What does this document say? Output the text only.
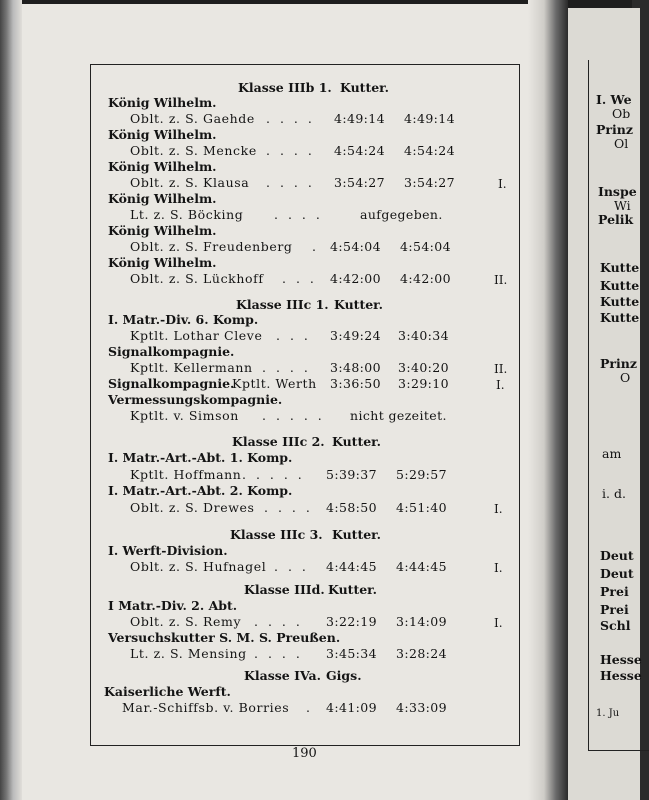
Klasse IIIb 1. Kutter.
König Wilhelm.
Oblt. z. S. Gaehde . . . . 4:49:14 4:49:14
König Wilhelm.
Oblt. z. S. Mencke . . . . 4:54:24 4:54:24
König Wilhelm.
Oblt. z. S. Klausa . . . . 3:54:27 3:54:27	I.
König Wilhelm.
Lt. z. S. Böcking . . . .	aufgegeben.
König Wilhelm.
Oblt. z. S. Freudenberg . 4:54:04 4:54:04
König Wilhelm.
Oblt. z. S. Lückhoff . . . 4:42:00 4:42:00	II.
Klasse IIIc 1. Kutter.
I. Matr.-Div. 6. Komp.
Kptlt. Lothar Cleve . . . 3:49:24 3:40:34
Signalkompagnie.
Kptlt. Kellermann . . . . 3:48:00 3:40:20	II.
Signalkompagnie.
Kptlt. Werth 3:36:50 3:29:10	I.
Vermessungskompagnie.
Kptlt. v. Simson . . . . . nicht gezeitet.
Klasse IIIc 2. Kutter.
I. Matr.-Art.-Abt. 1. Komp.
Kptlt. Hoffmann . . . . . 5:39:37 5:29:57
I. Matr.-Art.-Abt. 2. Komp.
Oblt. z. S. Drewes . . . . 4:58:50 4:51:40	I.
Klasse IIIc 3. Kutter.
I. Werft-Division.
Oblt. z. S. Hufnagel . . . 4:44:45 4:44:45	I.
Klasse IIId. Kutter.
I Matr.-Div. 2. Abt.
Oblt. z. S. Remy . . . . 3:22:19 3:14:09	I.
Versuchskutter S. M. S. Preußen.
Lt. z. S. Mensing . . . . 3:45:34 3:28:24
Klasse IVa. Gigs.
Kaiserliche Werft.
Mar.-Schiffsb. v. Borries . 4:41:09 4:33:09
190
I. We
Ob
Prinz
Ol
Inspe
Wi
Pelik
Kutte
Kutte
Kutte
Kutte
Prinz
O
am
i. d.
Deut
Deut
Prei
Prei
Schl
Hesse
Hesse
1. Ju
